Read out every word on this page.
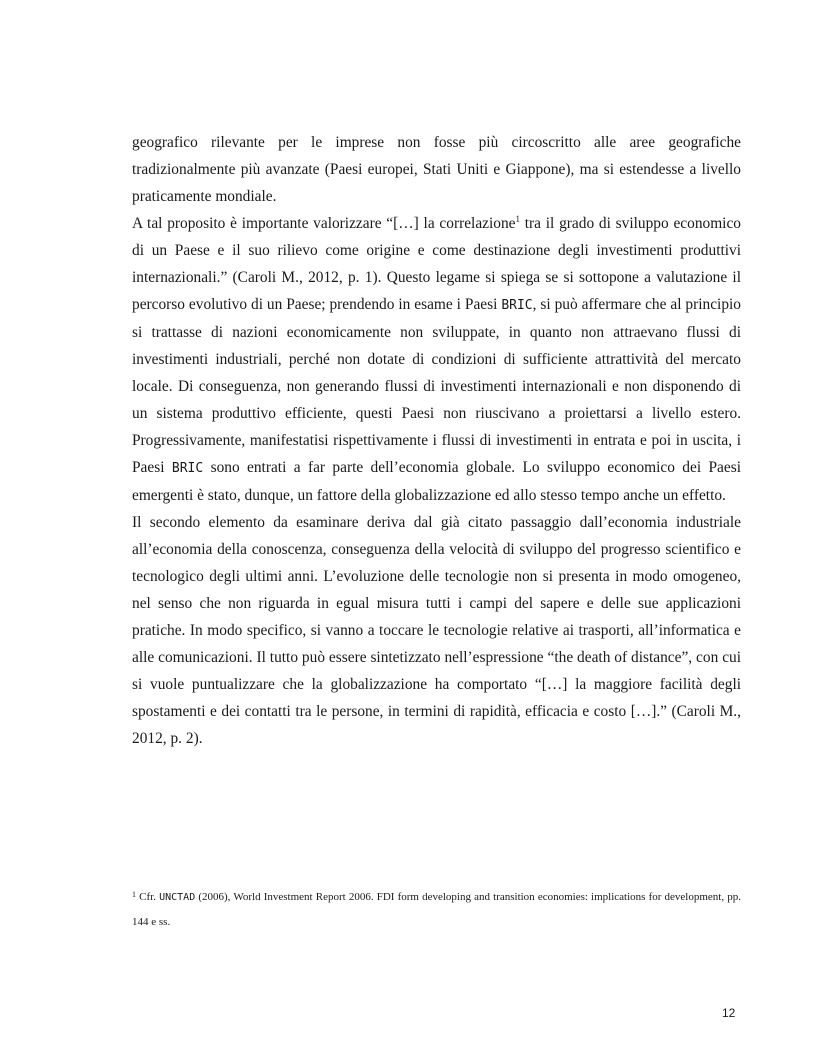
geografico rilevante per le imprese non fosse più circoscritto alle aree geografiche tradizionalmente più avanzate (Paesi europei, Stati Uniti e Giappone), ma si estendesse a livello praticamente mondiale.

A tal proposito è importante valorizzare “[…] la correlazione$^1$ tra il grado di sviluppo economico di un Paese e il suo rilievo come origine e come destinazione degli investimenti produttivi internazionali.” (Caroli M., 2012, p. 1). Questo legame si spiega se si sottopone a valutazione il percorso evolutivo di un Paese; prendendo in esame i Paesi BRIC, si può affermare che al principio si trattasse di nazioni economicamente non sviluppate, in quanto non attraevano flussi di investimenti industriali, perché non dotate di condizioni di sufficiente attrattività del mercato locale. Di conseguenza, non generando flussi di investimenti internazionali e non disponendo di un sistema produttivo efficiente, questi Paesi non riuscivano a proiettarsi a livello estero. Progressivamente, manifestatisi rispettivamente i flussi di investimenti in entrata e poi in uscita, i Paesi BRIC sono entrati a far parte dell’economia globale. Lo sviluppo economico dei Paesi emergenti è stato, dunque, un fattore della globalizzazione ed allo stesso tempo anche un effetto.

Il secondo elemento da esaminare deriva dal già citato passaggio dall’economia industriale all’economia della conoscenza, conseguenza della velocità di sviluppo del progresso scientifico e tecnologico degli ultimi anni. L’evoluzione delle tecnologie non si presenta in modo omogeneo, nel senso che non riguarda in egual misura tutti i campi del sapere e delle sue applicazioni pratiche. In modo specifico, si vanno a toccare le tecnologie relative ai trasporti, all’informatica e alle comunicazioni. Il tutto può essere sintetizzato nell’espressione “the death of distance”, con cui si vuole puntualizzare che la globalizzazione ha comportato “[…] la maggiore facilità degli spostamenti e dei contatti tra le persone, in termini di rapidità, efficacia e costo […].” (Caroli M., 2012, p. 2).

$^1$ Cfr. UNCTAD (2006), World Investment Report 2006. FDI form developing and transition economies: implications for development, pp. 144 e ss.
12
